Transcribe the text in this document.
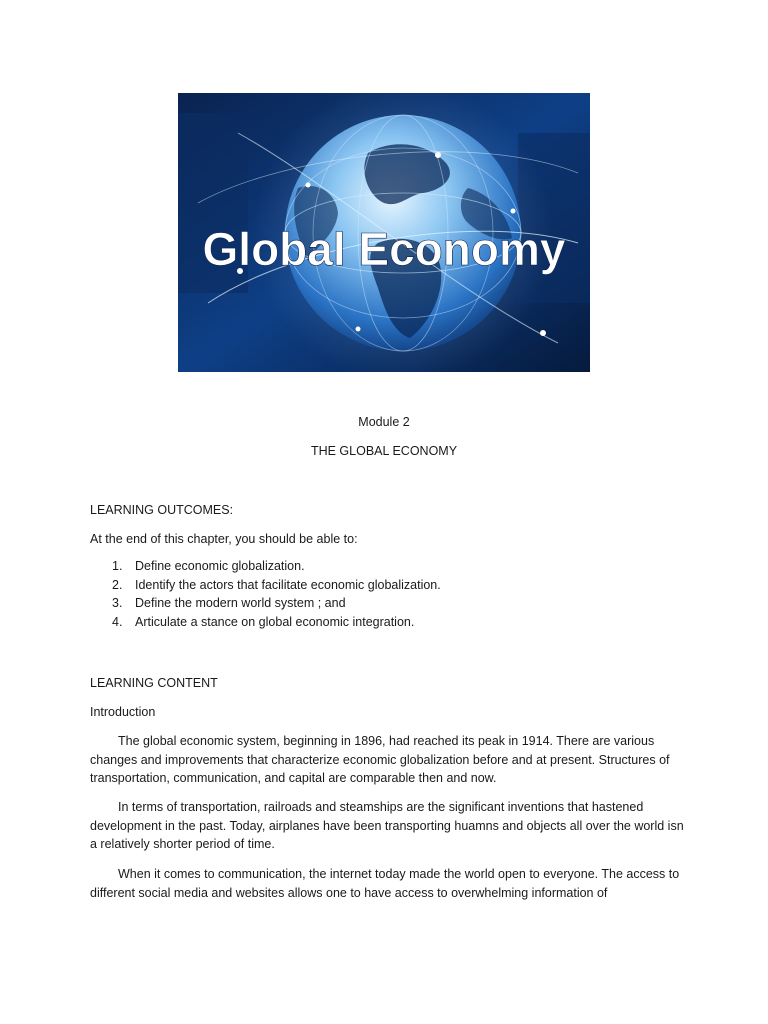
Global Economy
Module 2
THE GLOBAL ECONOMY
LEARNING OUTCOMES:
At the end of this chapter, you should be able to:
1. Define economic globalization.
2. Identify the actors that facilitate economic globalization.
3. Define the modern world system ; and
4. Articulate a stance on global economic integration.
LEARNING CONTENT
Introduction

The global economic system, beginning in 1896, had reached its peak in 1914. There are various changes and improvements that characterize economic globalization before and at present. Structures of transportation, communication, and capital are comparable then and now.

In terms of transportation, railroads and steamships are the significant inventions that hastened development in the past. Today, airplanes have been transporting huamns and objects all over the world isn a relatively shorter period of time.

When it comes to communication, the internet today made the world open to everyone. The access to different social media and websites allows one to have access to overwhelming information of
